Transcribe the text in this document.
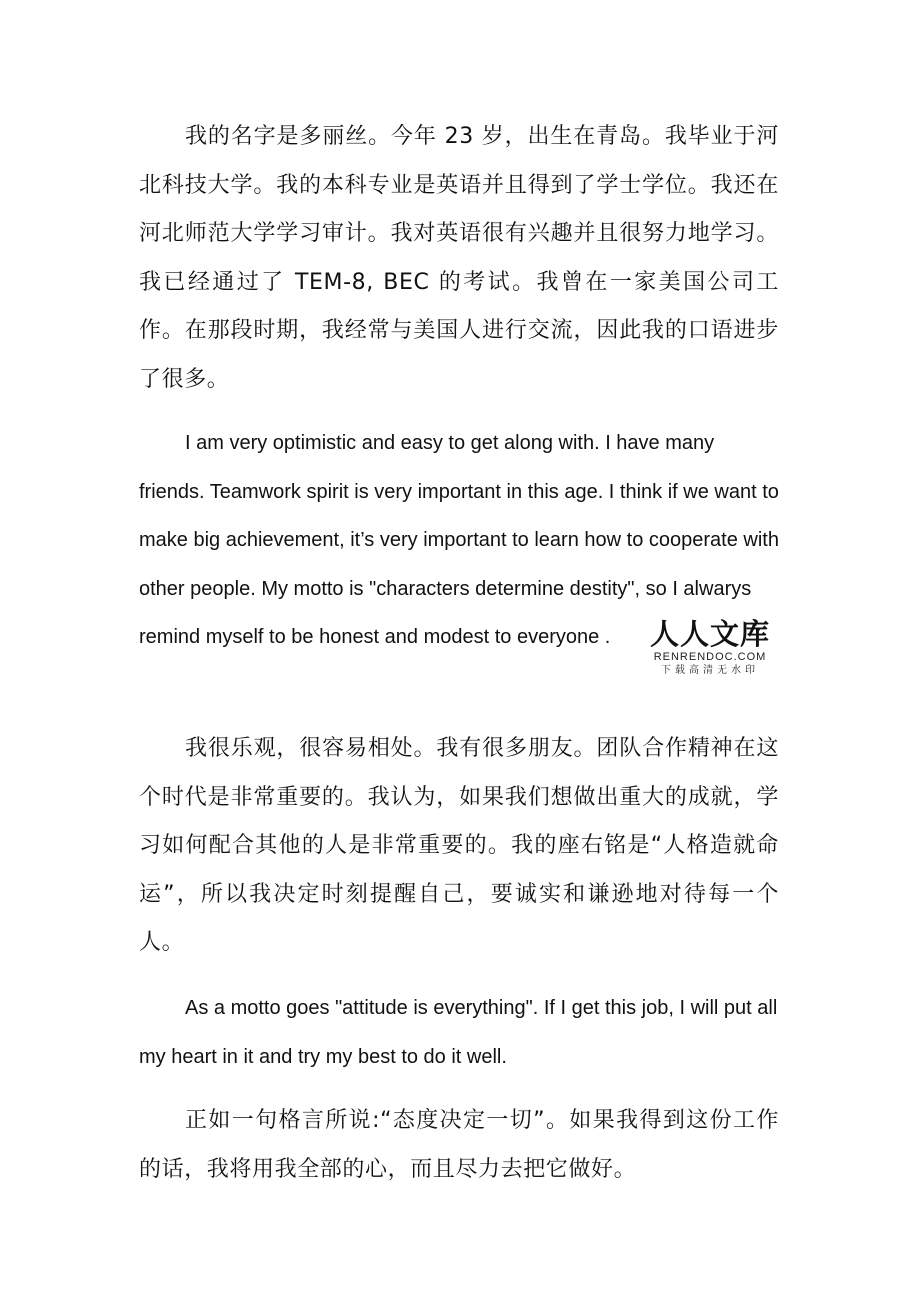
我的名字是多丽丝。今年 23 岁，出生在青岛。我毕业于河北科技大学。我的本科专业是英语并且得到了学士学位。我还在河北师范大学学习审计。我对英语很有兴趣并且很努力地学习。我已经通过了 TEM-8, BEC 的考试。我曾在一家美国公司工作。在那段时期，我经常与美国人进行交流，因此我的口语进步了很多。

I am very optimistic and easy to get along with. I have many friends. Teamwork spirit is very important in this age. I think if we want to make big achievement, it’s very important to learn how to cooperate with other people. My motto is "characters determine destity", so I alwarys remind myself to be honest and modest to everyone .

我很乐观，很容易相处。我有很多朋友。团队合作精神在这个时代是非常重要的。我认为，如果我们想做出重大的成就，学习如何配合其他的人是非常重要的。我的座右铭是“人格造就命运”，所以我决定时刻提醒自己，要诚实和谦逊地对待每一个人。

As a motto goes "attitude is everything". If I get this job, I will put all my heart in it and try my best to do it well.

正如一句格言所说:“态度决定一切”。如果我得到这份工作的话，我将用我全部的心，而且尽力去把它做好。

人人文库
RENRENDOC.COM
下载高清无水印
